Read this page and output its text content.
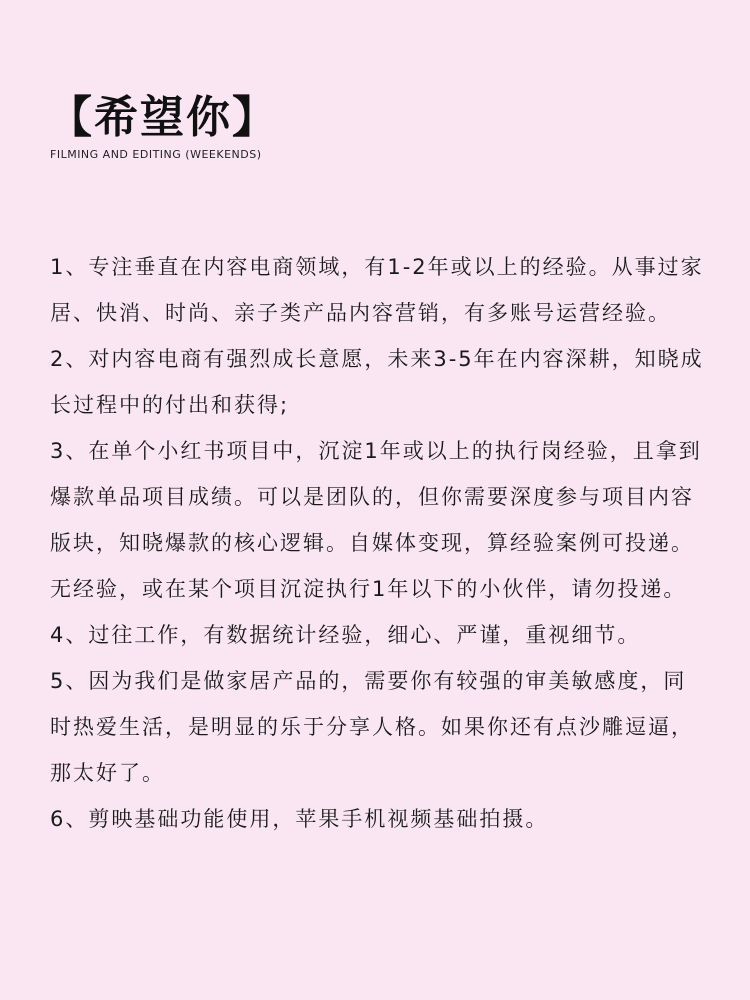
【希望你】
FILMING AND EDITING (WEEKENDS)
1、专注垂直在内容电商领域，有1-2年或以上的经验。从事过家
居、快消、时尚、亲子类产品内容营销，有多账号运营经验。
2、对内容电商有强烈成长意愿，未来3-5年在内容深耕，知晓成
长过程中的付出和获得;
3、在单个小红书项目中，沉淀1年或以上的执行岗经验，且拿到
爆款单品项目成绩。可以是团队的，但你需要深度参与项目内容
版块，知晓爆款的核心逻辑。自媒体变现，算经验案例可投递。
无经验，或在某个项目沉淀执行1年以下的小伙伴，请勿投递。
4、过往工作，有数据统计经验，细心、严谨，重视细节。
5、因为我们是做家居产品的，需要你有较强的审美敏感度，同
时热爱生活，是明显的乐于分享人格。如果你还有点沙雕逗逼，
那太好了。
6、剪映基础功能使用，苹果手机视频基础拍摄。
